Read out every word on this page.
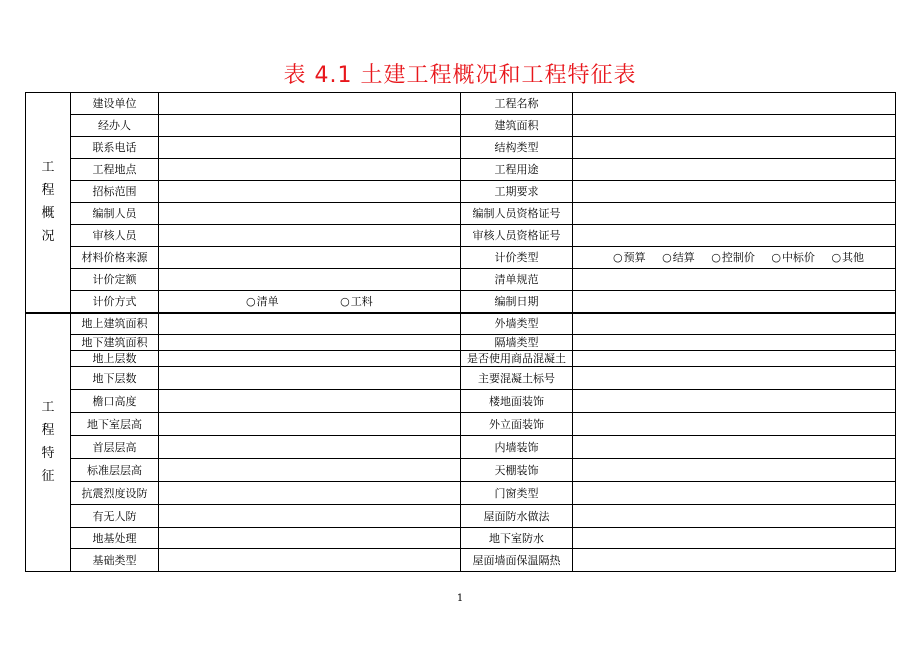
表 4.1 土建工程概况和工程特征表
工
程
概
况	建设单位		工程名称	
	经办人		建筑面积	
	联系电话		结构类型	
	工程地点		工程用途	
	招标范围		工期要求	
	编制人员		编制人员资格证号	
	审核人员		审核人员资格证号	
	材料价格来源		计价类型	○ 预算 ○ 结算 ○ 控制价 ○ 中标价 ○ 其他
	计价定额		清单规范	
	计价方式	○ 清单 ○ 工料	编制日期	

工
程
特
征	地上建筑面积		外墙类型	
	地下建筑面积		隔墙类型	
	地上层数		是否使用商品混凝土	
	地下层数		主要混凝土标号	
	檐口高度		楼地面装饰	
	地下室层高		外立面装饰	
	首层层高		内墙装饰	
	标准层层高		天棚装饰	
	抗震烈度设防		门窗类型	
	有无人防		屋面防水做法	
	地基处理		地下室防水	
	基础类型		屋面墙面保温隔热	
1
